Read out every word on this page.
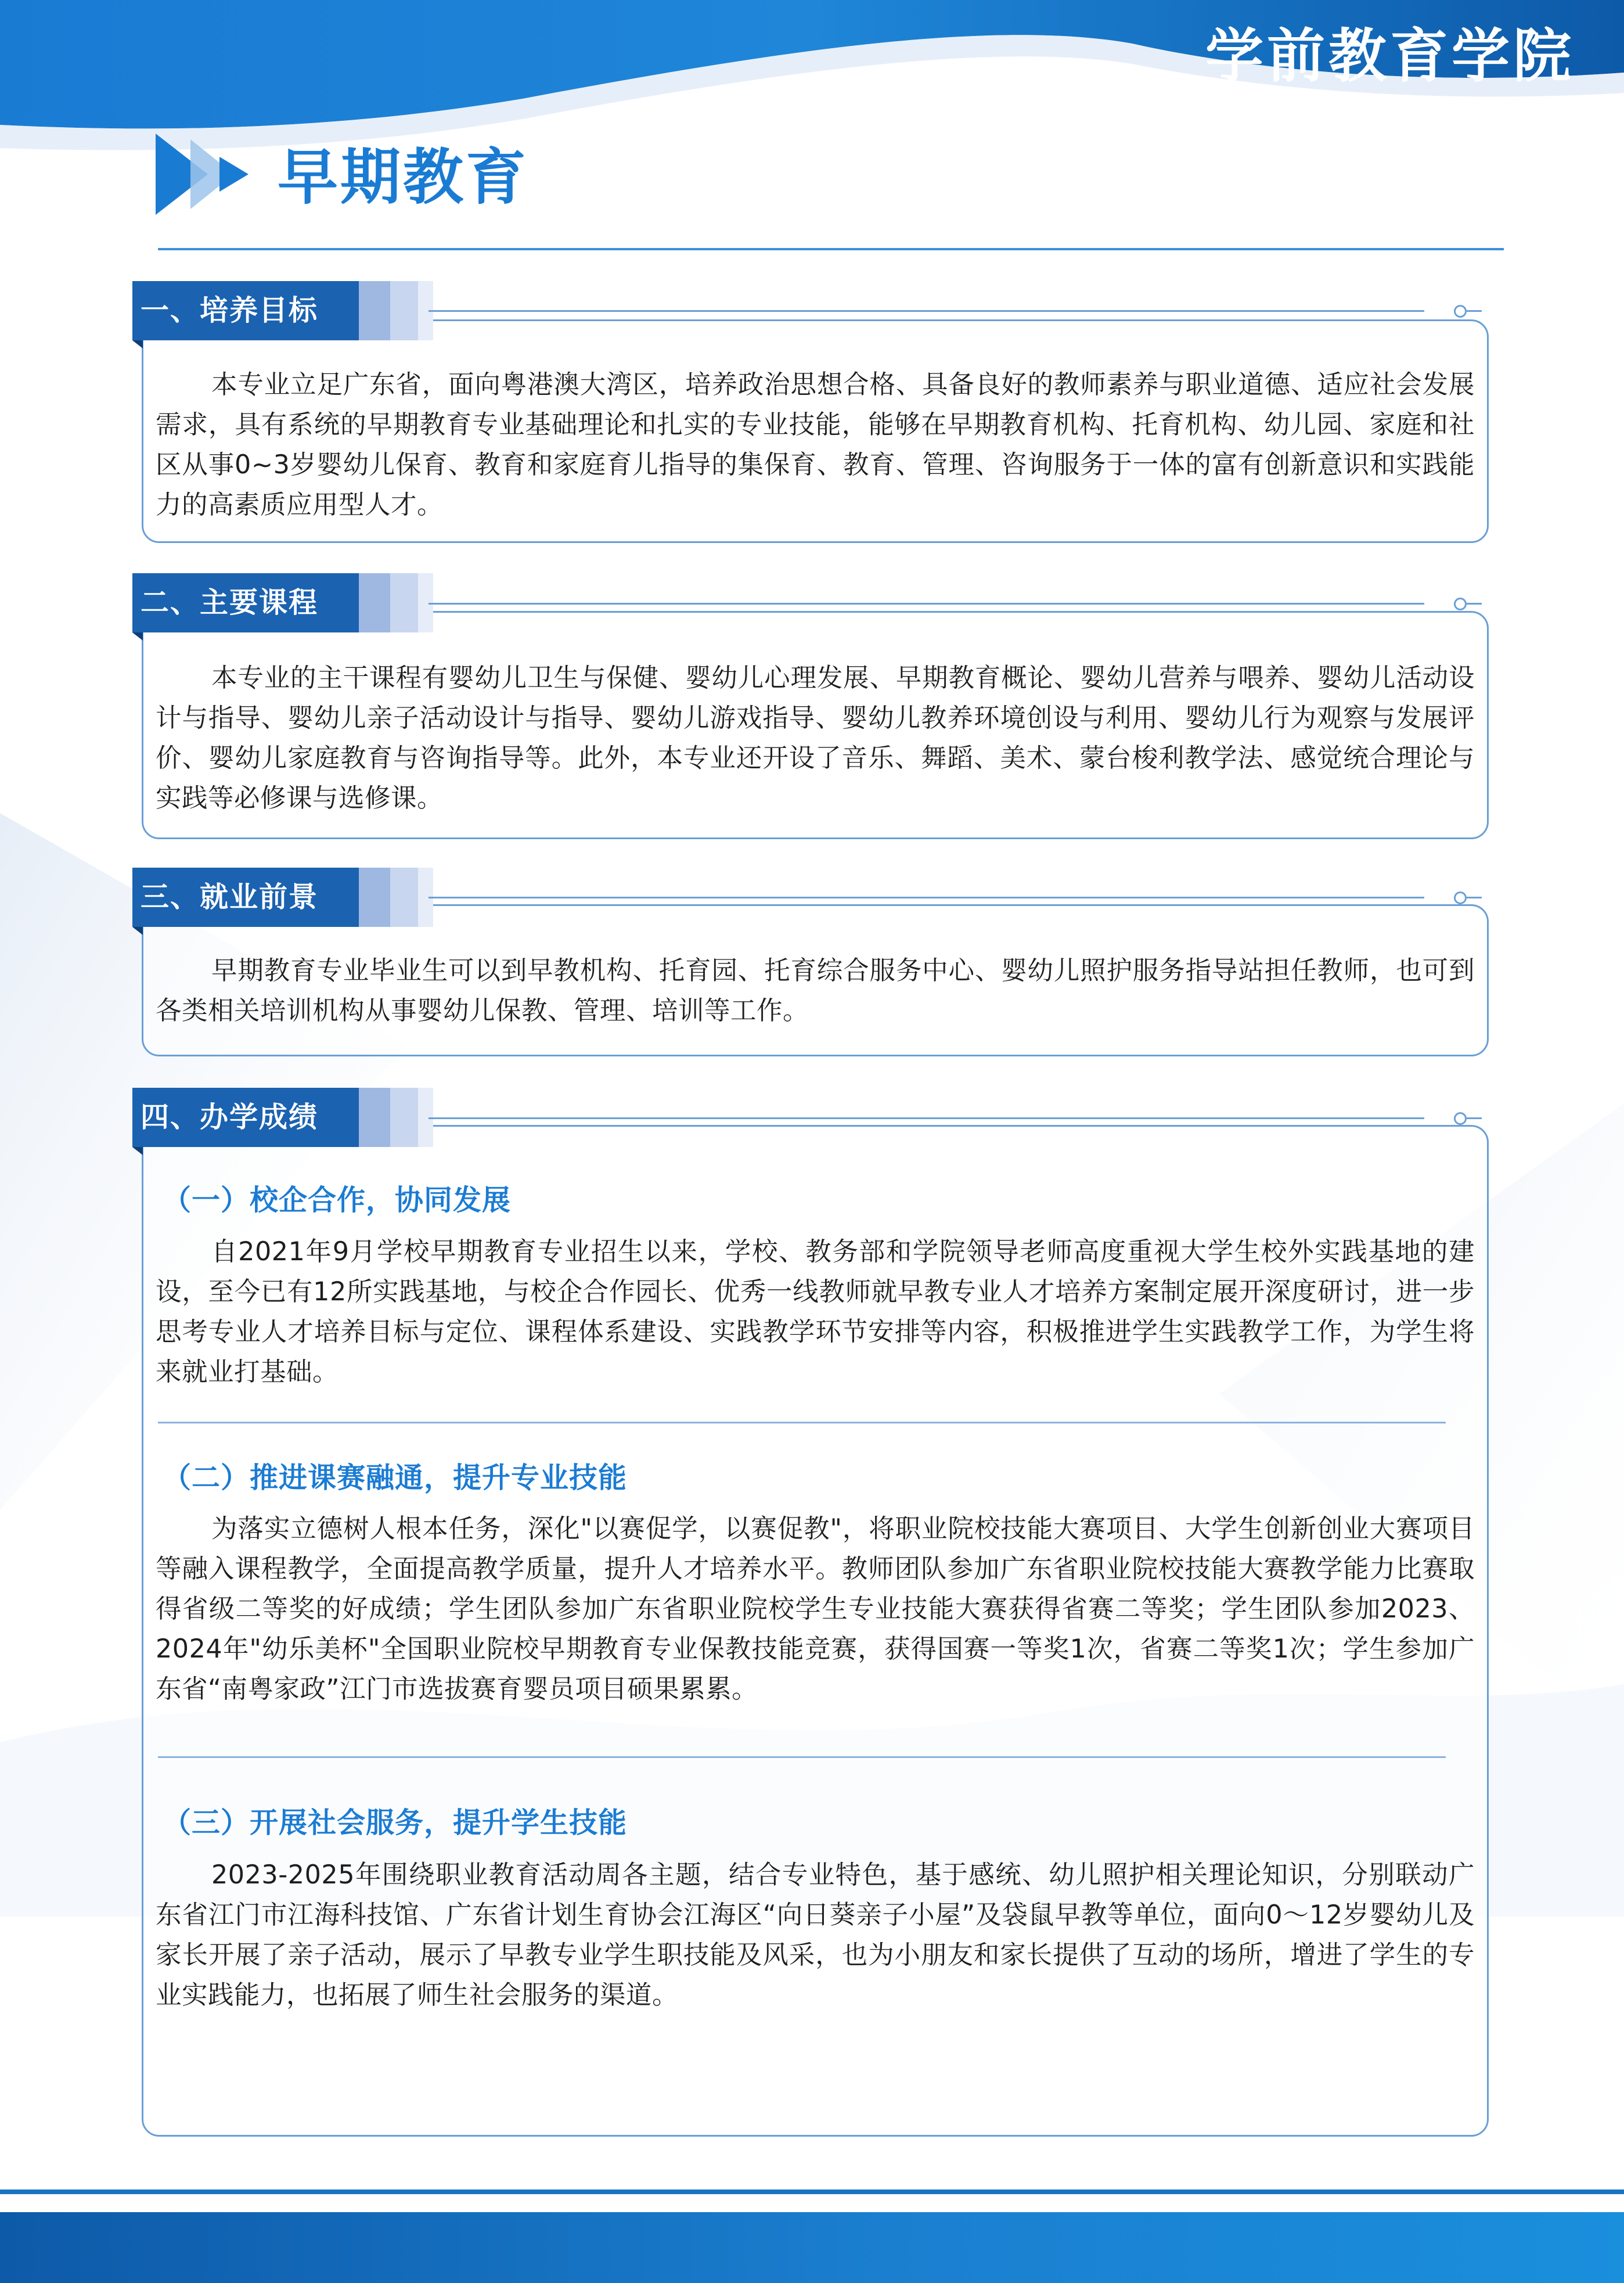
学前教育学院
早期教育
一、培养目标

本专业立足广东省，面向粤港澳大湾区，培养政治思想合格、具备良好的教师素养与职业道德、适应社会发展需求，具有系统的早期教育专业基础理论和扎实的专业技能，能够在早期教育机构、托育机构、幼儿园、家庭和社区从事0~3岁婴幼儿保育、教育和家庭育儿指导的集保育、教育、管理、咨询服务于一体的富有创新意识和实践能力的高素质应用型人才。

二、主要课程

本专业的主干课程有婴幼儿卫生与保健、婴幼儿心理发展、早期教育概论、婴幼儿营养与喂养、婴幼儿活动设计与指导、婴幼儿亲子活动设计与指导、婴幼儿游戏指导、婴幼儿教养环境创设与利用、婴幼儿行为观察与发展评价、婴幼儿家庭教育与咨询指导等。此外，本专业还开设了音乐、舞蹈、美术、蒙台梭利教学法、感觉统合理论与实践等必修课与选修课。

三、就业前景

早期教育专业毕业生可以到早教机构、托育园、托育综合服务中心、婴幼儿照护服务指导站担任教师，也可到各类相关培训机构从事婴幼儿保教、管理、培训等工作。

四、办学成绩
（一）校企合作，协同发展

自2021年9月学校早期教育专业招生以来，学校、教务部和学院领导老师高度重视大学生校外实践基地的建设，至今已有12所实践基地，与校企合作园长、优秀一线教师就早教专业人才培养方案制定展开深度研讨，进一步思考专业人才培养目标与定位、课程体系建设、实践教学环节安排等内容，积极推进学生实践教学工作，为学生将来就业打基础。

（二）推进课赛融通，提升专业技能

为落实立德树人根本任务，深化"以赛促学，以赛促教"，将职业院校技能大赛项目、大学生创新创业大赛项目等融入课程教学，全面提高教学质量，提升人才培养水平。教师团队参加广东省职业院校技能大赛教学能力比赛取得省级二等奖的好成绩；学生团队参加广东省职业院校学生专业技能大赛获得省赛二等奖；学生团队参加2023、2024年"幼乐美杯"全国职业院校早期教育专业保教技能竞赛，获得国赛一等奖1次，省赛二等奖1次；学生参加广东省“南粤家政”江门市选拔赛育婴员项目硕果累累。

（三）开展社会服务，提升学生技能

2023-2025年围绕职业教育活动周各主题，结合专业特色，基于感统、幼儿照护相关理论知识，分别联动广东省江门市江海科技馆、广东省计划生育协会江海区“向日葵亲子小屋”及袋鼠早教等单位，面向0～12岁婴幼儿及家长开展了亲子活动，展示了早教专业学生职技能及风采，也为小朋友和家长提供了互动的场所，增进了学生的专业实践能力，也拓展了师生社会服务的渠道。
